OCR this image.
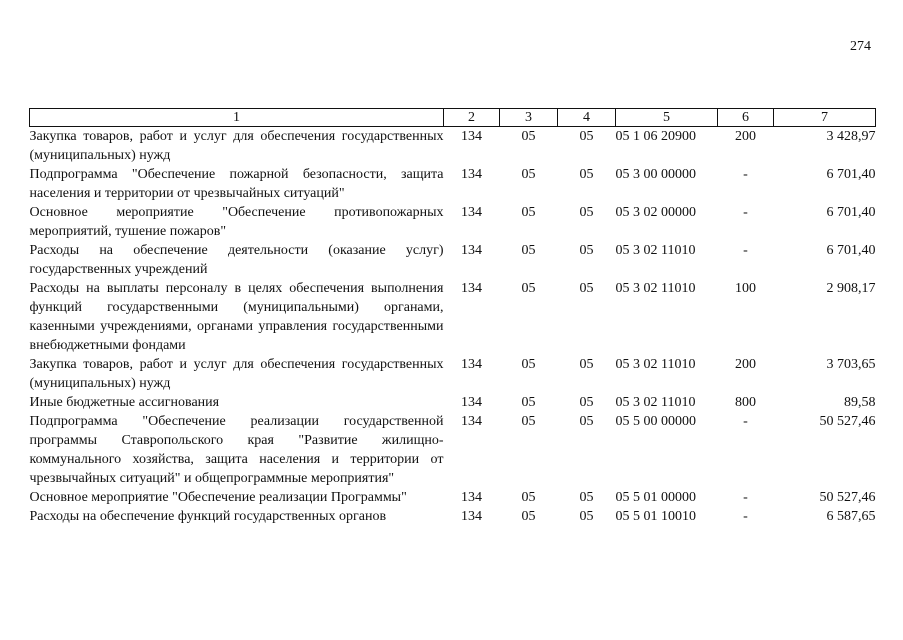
274
1	2	3	4	5	6	7
Закупка товаров, работ и услуг для обеспечения государственных (муниципальных) нужд	134	05	05	05 1 06 20900	200	3 428,97
Подпрограмма "Обеспечение пожарной безопасности, защита населения и территории от чрезвычайных ситуаций"	134	05	05	05 3 00 00000	-	6 701,40
Основное мероприятие "Обеспечение противопожарных мероприятий, тушение пожаров"	134	05	05	05 3 02 00000	-	6 701,40
Расходы на обеспечение деятельности (оказание услуг) государственных учреждений	134	05	05	05 3 02 11010	-	6 701,40
Расходы на выплаты персоналу в целях обеспечения выполнения функций государственными (муниципальными) органами, казенными учреждениями, органами управления государственными внебюджетными фондами	134	05	05	05 3 02 11010	100	2 908,17
Закупка товаров, работ и услуг для обеспечения государственных (муниципальных) нужд	134	05	05	05 3 02 11010	200	3 703,65
Иные бюджетные ассигнования	134	05	05	05 3 02 11010	800	89,58
Подпрограмма "Обеспечение реализации государственной программы Ставропольского края "Развитие жилищно-коммунального хозяйства, защита населения и территории от чрезвычайных ситуаций" и общепрограммные мероприятия"	134	05	05	05 5 00 00000	-	50 527,46
Основное мероприятие "Обеспечение реализации Программы"	134	05	05	05 5 01 00000	-	50 527,46
Расходы на обеспечение функций государственных органов	134	05	05	05 5 01 10010	-	6 587,65
